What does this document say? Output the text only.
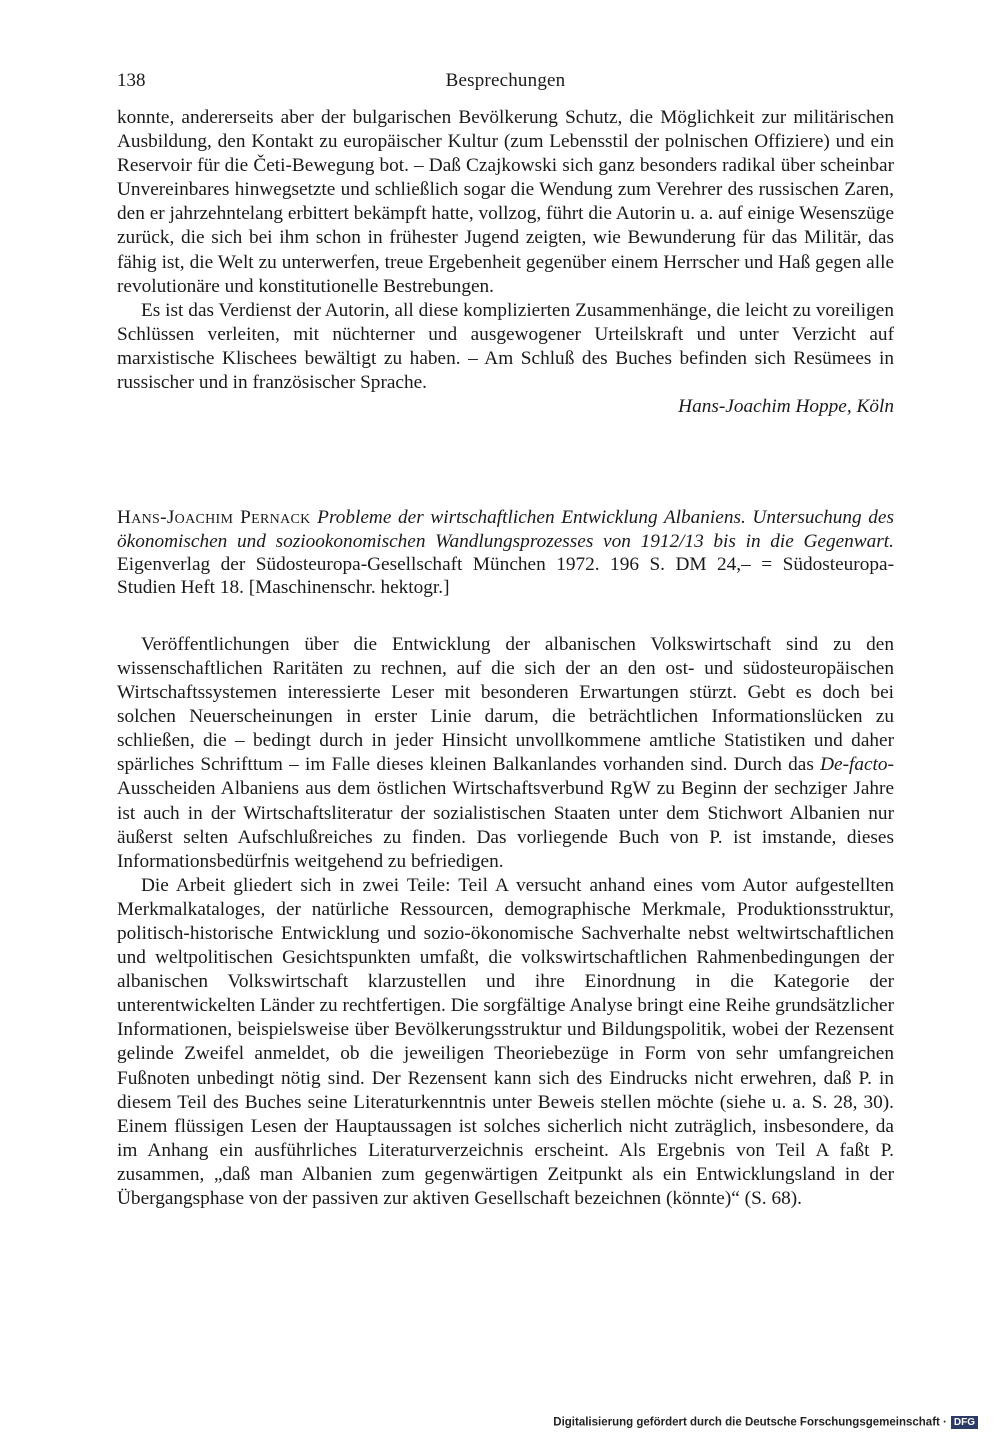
138	Besprechungen

konnte, andererseits aber der bulgarischen Bevölkerung Schutz, die Möglichkeit zur militärischen Ausbildung, den Kontakt zu europäischer Kultur (zum Lebensstil der polnischen Offiziere) und ein Reservoir für die Četi-Bewegung bot. – Daß Czajkowski sich ganz besonders radikal über scheinbar Unvereinbares hinwegsetzte und schließlich sogar die Wendung zum Verehrer des russischen Zaren, den er jahrzehntelang erbittert bekämpft hatte, vollzog, führt die Autorin u. a. auf einige Wesenszüge zurück, die sich bei ihm schon in frühester Jugend zeigten, wie Bewunderung für das Militär, das fähig ist, die Welt zu unterwerfen, treue Ergebenheit gegenüber einem Herrscher und Haß gegen alle revolutionäre und konstitutionelle Bestrebungen.

Es ist das Verdienst der Autorin, all diese komplizierten Zusammenhänge, die leicht zu voreiligen Schlüssen verleiten, mit nüchterner und ausgewogener Urteilskraft und unter Verzicht auf marxistische Klischees bewältigt zu haben. – Am Schluß des Buches befinden sich Resümees in russischer und in französischer Sprache.

Hans-Joachim Hoppe, Köln

Hans-Joachim Pernack Probleme der wirtschaftlichen Entwicklung Albaniens. Untersuchung des ökonomischen und soziookonomischen Wandlungsprozesses von 1912/13 bis in die Gegenwart. Eigenverlag der Südosteuropa-Gesellschaft München 1972. 196 S. DM 24,– = Südosteuropa-Studien Heft 18. [Maschinenschr. hektogr.]

Veröffentlichungen über die Entwicklung der albanischen Volkswirtschaft sind zu den wissenschaftlichen Raritäten zu rechnen, auf die sich der an den ost- und südosteuropäischen Wirtschaftssystemen interessierte Leser mit besonderen Erwartungen stürzt. Gebt es doch bei solchen Neuerscheinungen in erster Linie darum, die beträchtlichen Informationslücken zu schließen, die – bedingt durch in jeder Hinsicht unvollkommene amtliche Statistiken und daher spärliches Schrifttum – im Falle dieses kleinen Balkanlandes vorhanden sind. Durch das De-facto-Ausscheiden Albaniens aus dem östlichen Wirtschaftsverbund RgW zu Beginn der sechziger Jahre ist auch in der Wirtschaftsliteratur der sozialistischen Staaten unter dem Stichwort Albanien nur äußerst selten Aufschlußreiches zu finden. Das vorliegende Buch von P. ist imstande, dieses Informationsbedürfnis weitgehend zu befriedigen.

Die Arbeit gliedert sich in zwei Teile: Teil A versucht anhand eines vom Autor aufgestellten Merkmalkataloges, der natürliche Ressourcen, demographische Merkmale, Produktionsstruktur, politisch-historische Entwicklung und sozio-ökonomische Sachverhalte nebst weltwirtschaftlichen und weltpolitischen Gesichtspunkten umfaßt, die volkswirtschaftlichen Rahmenbedingungen der albanischen Volkswirtschaft klarzustellen und ihre Einordnung in die Kategorie der unterentwickelten Länder zu rechtfertigen. Die sorgfältige Analyse bringt eine Reihe grundsätzlicher Informationen, beispielsweise über Bevölkerungsstruktur und Bildungspolitik, wobei der Rezensent gelinde Zweifel anmeldet, ob die jeweiligen Theoriebezüge in Form von sehr umfangreichen Fußnoten unbedingt nötig sind. Der Rezensent kann sich des Eindrucks nicht erwehren, daß P. in diesem Teil des Buches seine Literaturkenntnis unter Beweis stellen möchte (siehe u. a. S. 28, 30). Einem flüssigen Lesen der Hauptaussagen ist solches sicherlich nicht zuträglich, insbesondere, da im Anhang ein ausführliches Literaturverzeichnis erscheint. Als Ergebnis von Teil A faßt P. zusammen, „daß man Albanien zum gegenwärtigen Zeitpunkt als ein Entwicklungsland in der Übergangsphase von der passiven zur aktiven Gesellschaft bezeichnen (könnte)“ (S. 68).

Digitalisierung gefördert durch die Deutsche Forschungsgemeinschaft · DFG
